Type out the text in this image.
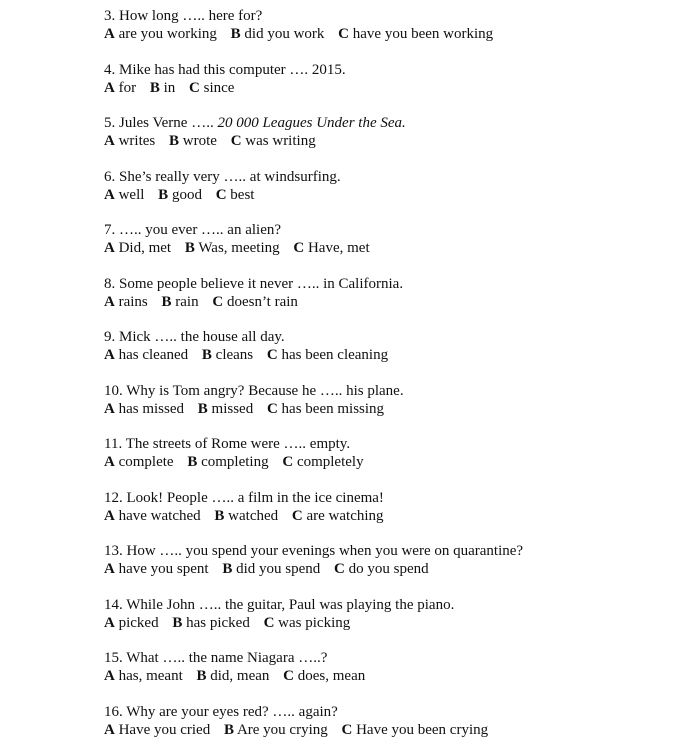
3. How long ….. here for?
A are you working B did you work C have you been working
4. Mike has had this computer …. 2015.
A for B in C since
5. Jules Verne ….. 20 000 Leagues Under the Sea.
A writes B wrote C was writing
6. She’s really very ….. at windsurfing.
A well B good C best
7. ….. you ever ….. an alien?
A Did, met B Was, meeting C Have, met
8. Some people believe it never ….. in California.
A rains B rain C doesn’t rain
9. Mick ….. the house all day.
A has cleaned B cleans C has been cleaning
10. Why is Tom angry? Because he ….. his plane.
A has missed B missed C has been missing
11. The streets of Rome were ….. empty.
A complete B completing C completely
12. Look! People ….. a film in the ice cinema!
A have watched B watched C are watching
13. How ….. you spend your evenings when you were on quarantine?
A have you spent B did you spend C do you spend
14. While John ….. the guitar, Paul was playing the piano.
A picked B has picked C was picking
15. What ….. the name Niagara …..?
A has, meant B did, mean C does, mean
16. Why are your eyes red? ….. again?
A Have you cried B Are you crying C Have you been crying
